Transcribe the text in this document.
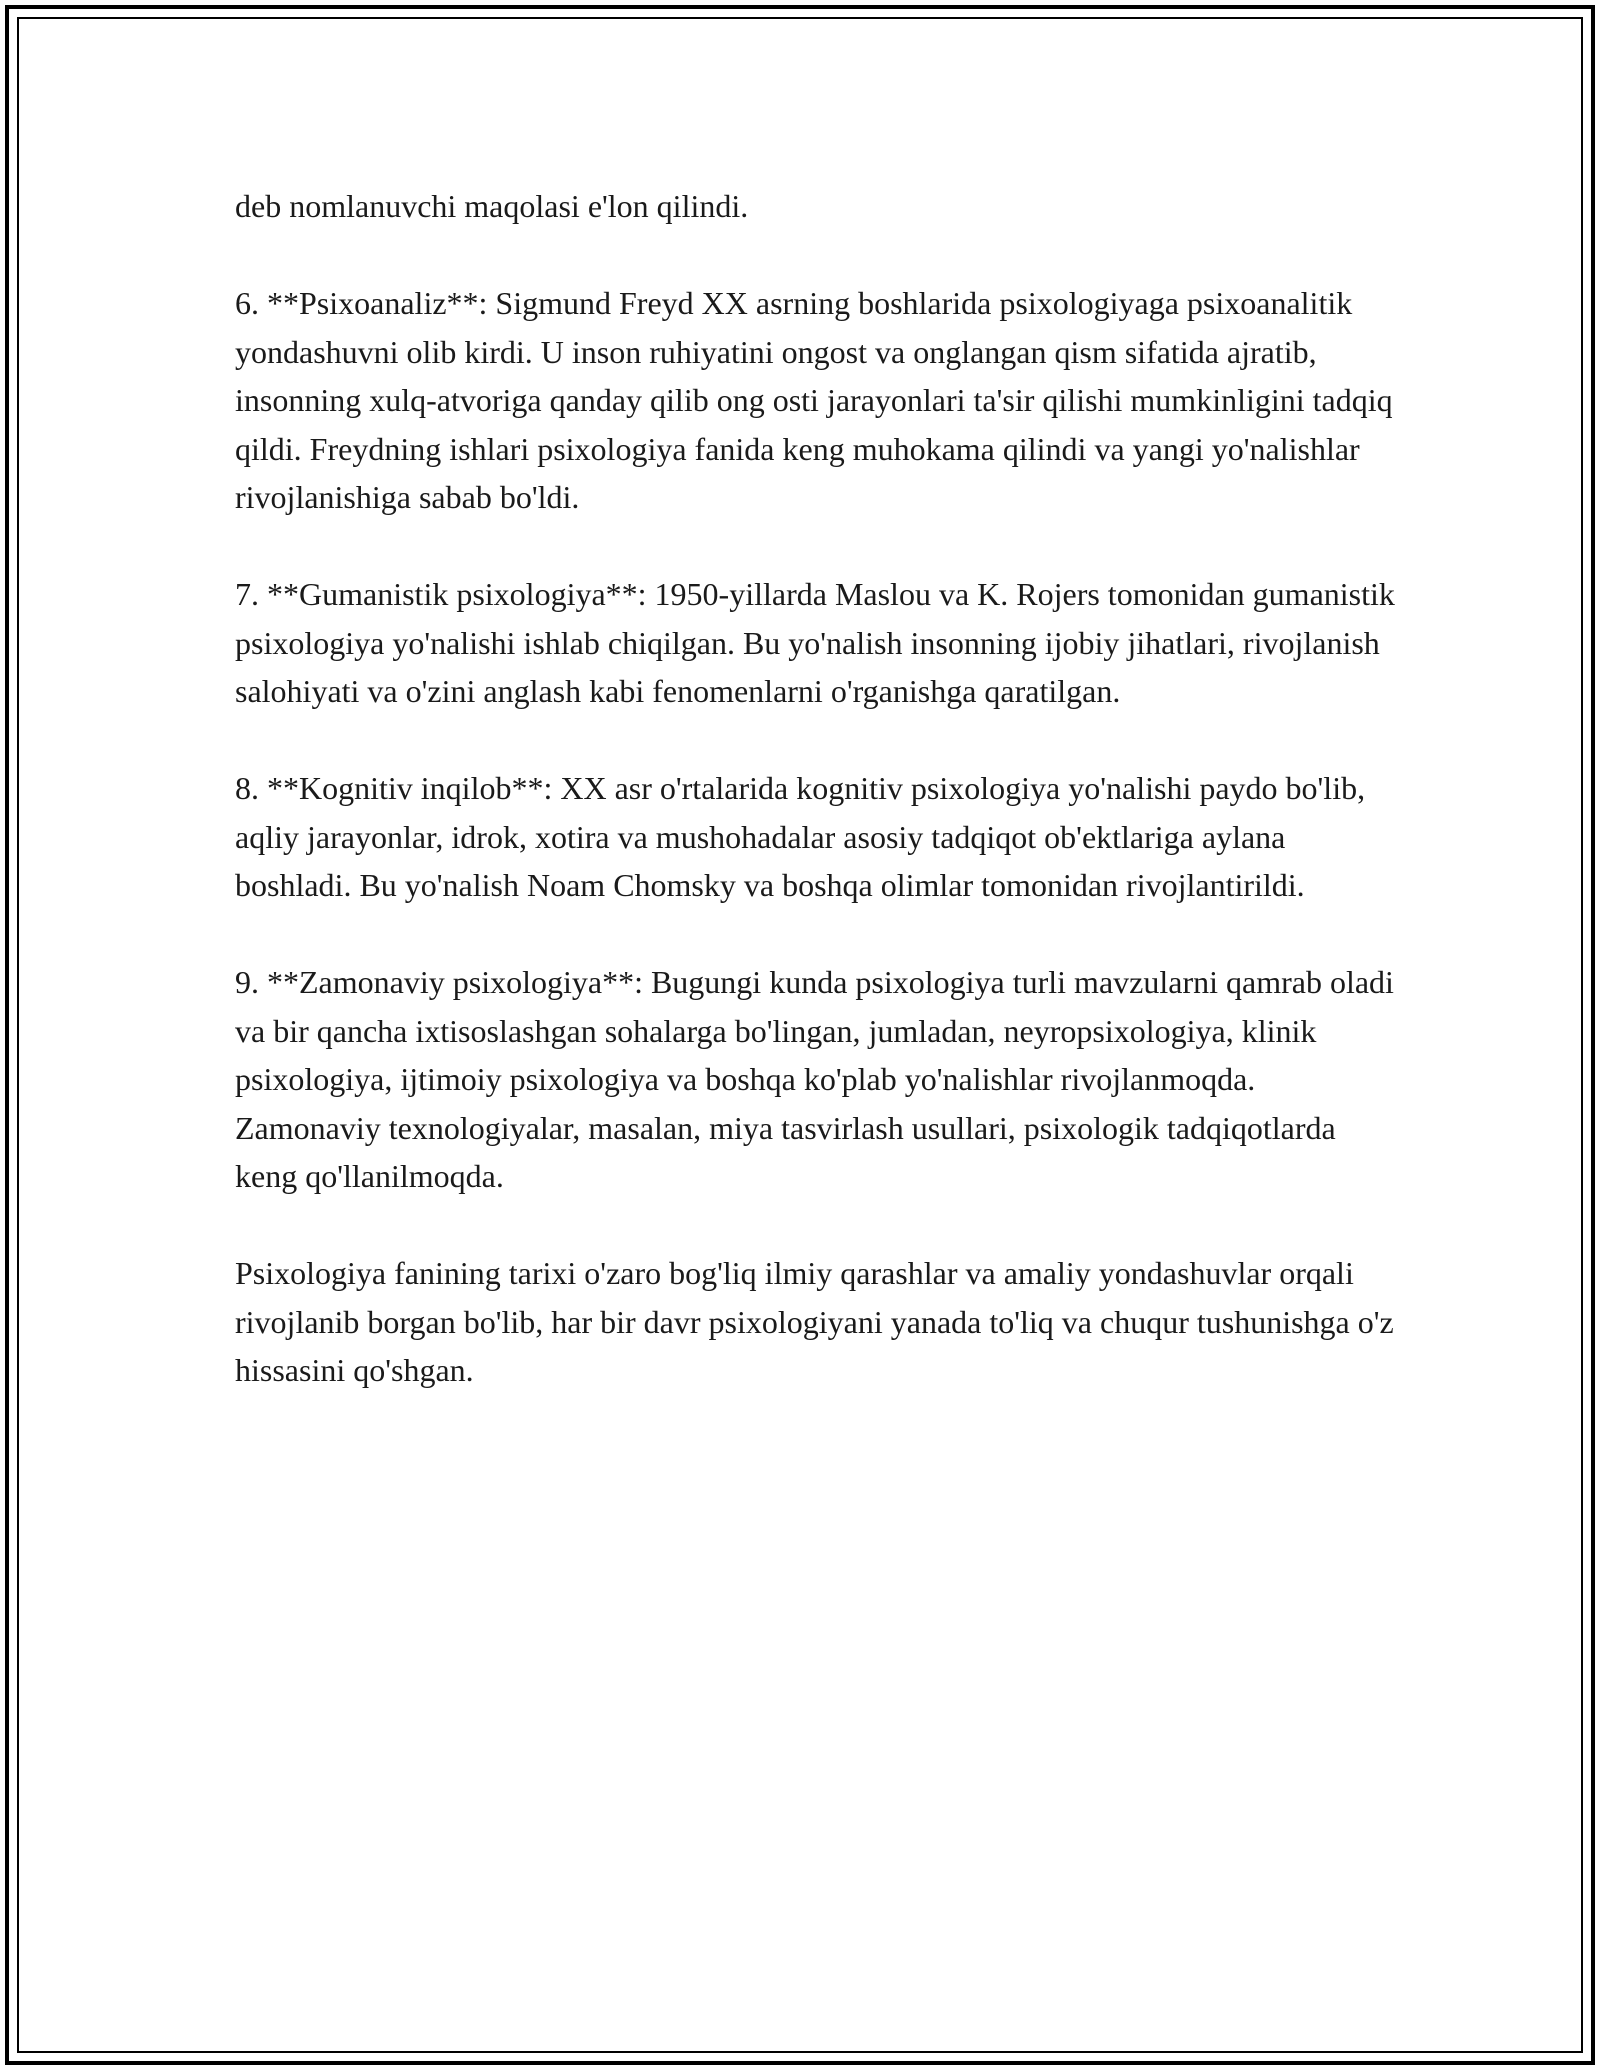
deb nomlanuvchi maqolasi e'lon qilindi.

6. **Psixoanaliz**: Sigmund Freyd XX asrning boshlarida psixologiyaga psixoanalitik yondashuvni olib kirdi. U inson ruhiyatini ongost va onglangan qism sifatida ajratib, insonning xulq-atvoriga qanday qilib ong osti jarayonlari ta'sir qilishi mumkinligini tadqiq qildi. Freydning ishlari psixologiya fanida keng muhokama qilindi va yangi yo'nalishlar rivojlanishiga sabab bo'ldi.

7. **Gumanistik psixologiya**: 1950-yillarda Maslou va K. Rojers tomonidan gumanistik psixologiya yo'nalishi ishlab chiqilgan. Bu yo'nalish insonning ijobiy jihatlari, rivojlanish salohiyati va o'zini anglash kabi fenomenlarni o'rganishga qaratilgan.

8. **Kognitiv inqilob**: XX asr o'rtalarida kognitiv psixologiya yo'nalishi paydo bo'lib, aqliy jarayonlar, idrok, xotira va mushohadalar asosiy tadqiqot ob'ektlariga aylana boshladi. Bu yo'nalish Noam Chomsky va boshqa olimlar tomonidan rivojlantirildi.

9. **Zamonaviy psixologiya**: Bugungi kunda psixologiya turli mavzularni qamrab oladi va bir qancha ixtisoslashgan sohalarga bo'lingan, jumladan, neyropsixologiya, klinik psixologiya, ijtimoiy psixologiya va boshqa ko'plab yo'nalishlar rivojlanmoqda. Zamonaviy texnologiyalar, masalan, miya tasvirlash usullari, psixologik tadqiqotlarda keng qo'llanilmoqda.

Psixologiya fanining tarixi o'zaro bog'liq ilmiy qarashlar va amaliy yondashuvlar orqali rivojlanib borgan bo'lib, har bir davr psixologiyani yanada to'liq va chuqur tushunishga o'z hissasini qo'shgan.
